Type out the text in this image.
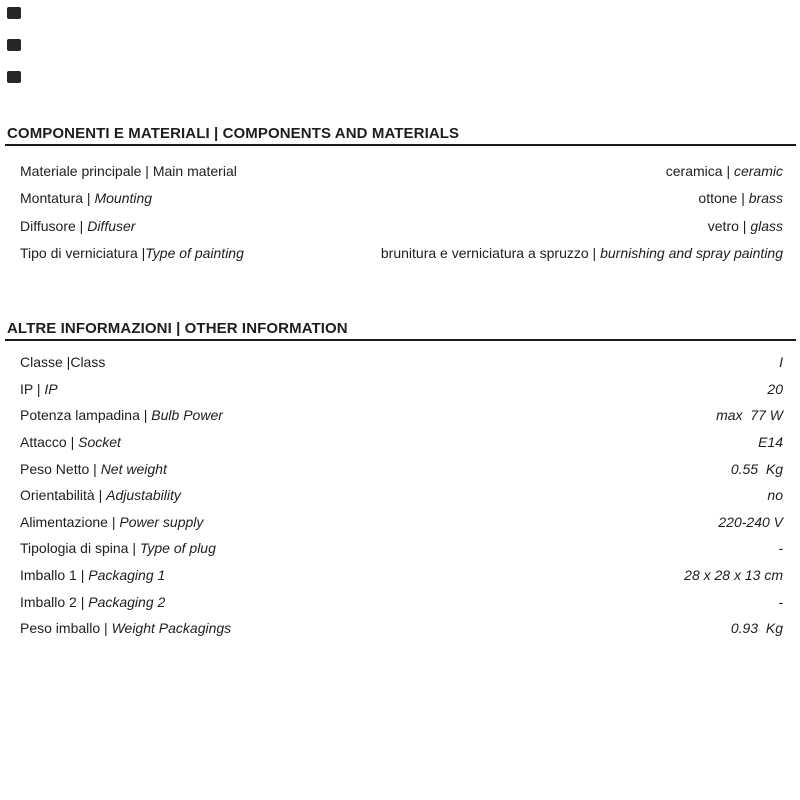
COMPONENTI E MATERIALI | COMPONENTS AND MATERIALS
Materiale principale | Main material	ceramica | ceramic
Montatura | Mounting	ottone | brass
Diffusore | Diffuser	vetro | glass
Tipo di verniciatura |Type of painting	brunitura e verniciatura a spruzzo | burnishing and spray painting
ALTRE INFORMAZIONI | OTHER INFORMATION
Classe |Class	I
IP | IP	20
Potenza lampadina | Bulb Power	max  77 W
Attacco | Socket	E14
Peso Netto | Net weight	0.55  Kg
Orientabilità | Adjustability	no
Alimentazione | Power supply	220-240 V
Tipologia di spina | Type of plug	-
Imballo 1 | Packaging 1	28 x 28 x 13 cm
Imballo 2 | Packaging 2	-
Peso imballo | Weight Packagings	0.93  Kg
